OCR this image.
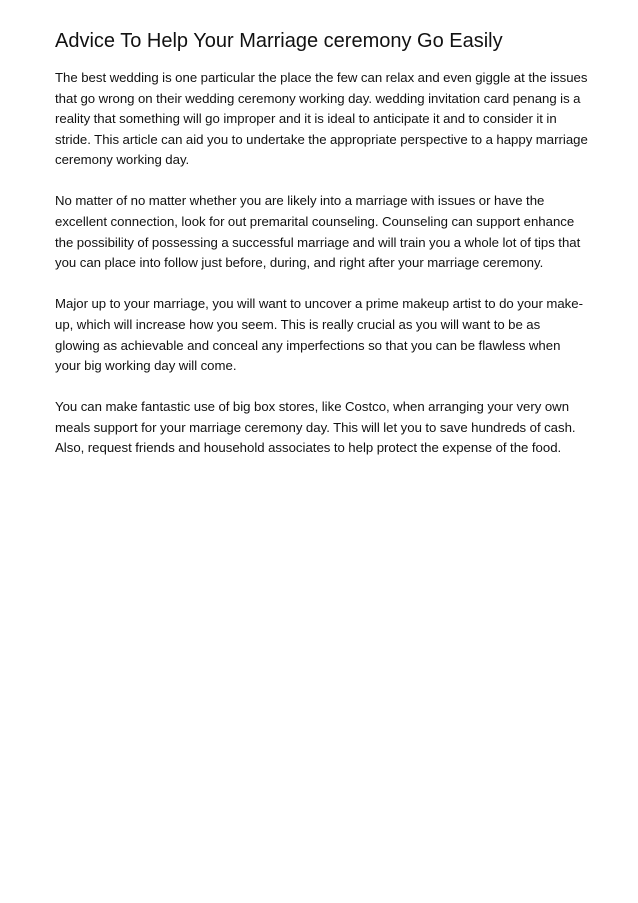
Advice To Help Your Marriage ceremony Go Easily

The best wedding is one particular the place the few can relax and even giggle at the issues that go wrong on their wedding ceremony working day. wedding invitation card penang is a reality that something will go improper and it is ideal to anticipate it and to consider it in stride. This article can aid you to undertake the appropriate perspective to a happy marriage ceremony working day.

No matter of no matter whether you are likely into a marriage with issues or have the excellent connection, look for out premarital counseling. Counseling can support enhance the possibility of possessing a successful marriage and will train you a whole lot of tips that you can place into follow just before, during, and right after your marriage ceremony.

Major up to your marriage, you will want to uncover a prime makeup artist to do your make-up, which will increase how you seem. This is really crucial as you will want to be as glowing as achievable and conceal any imperfections so that you can be flawless when your big working day will come.

You can make fantastic use of big box stores, like Costco, when arranging your very own meals support for your marriage ceremony day. This will let you to save hundreds of cash. Also, request friends and household associates to help protect the expense of the food.
